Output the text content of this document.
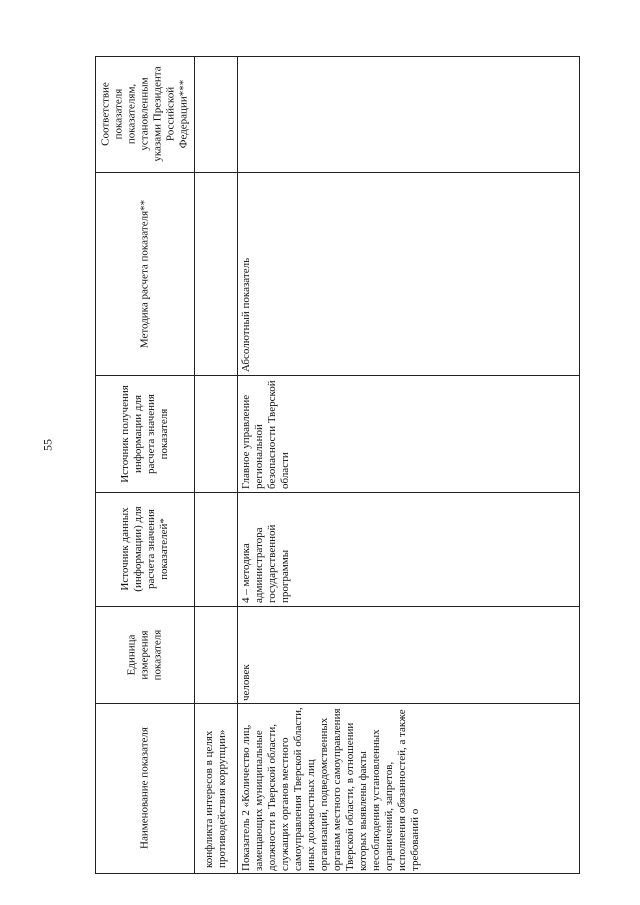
55
Наименование показателя
Единица измерения показателя
Источник данных (информации) для расчета значения показателей*
Источник получения информации для расчета значения показателя
Методика расчета показателя**
Соответствие показателя показателям, установленным указами Президента Российской Федерации***
конфликта интересов в целях противодействия коррупции» Показатель 2 «Количество лиц, замещающих муниципальные должности в Тверской области, служащих органов местного самоуправления Тверской области, иных должностных лиц организаций, подведомственных органам местного самоуправления Тверской области, в отношении которых выявлены факты несоблюдения установленных ограничений, запретов, исполнения обязанностей, а также требований о
человек
4 – методика администратора государственной программы
Главное управление региональной безопасности Тверской области
Абсолютный показатель
